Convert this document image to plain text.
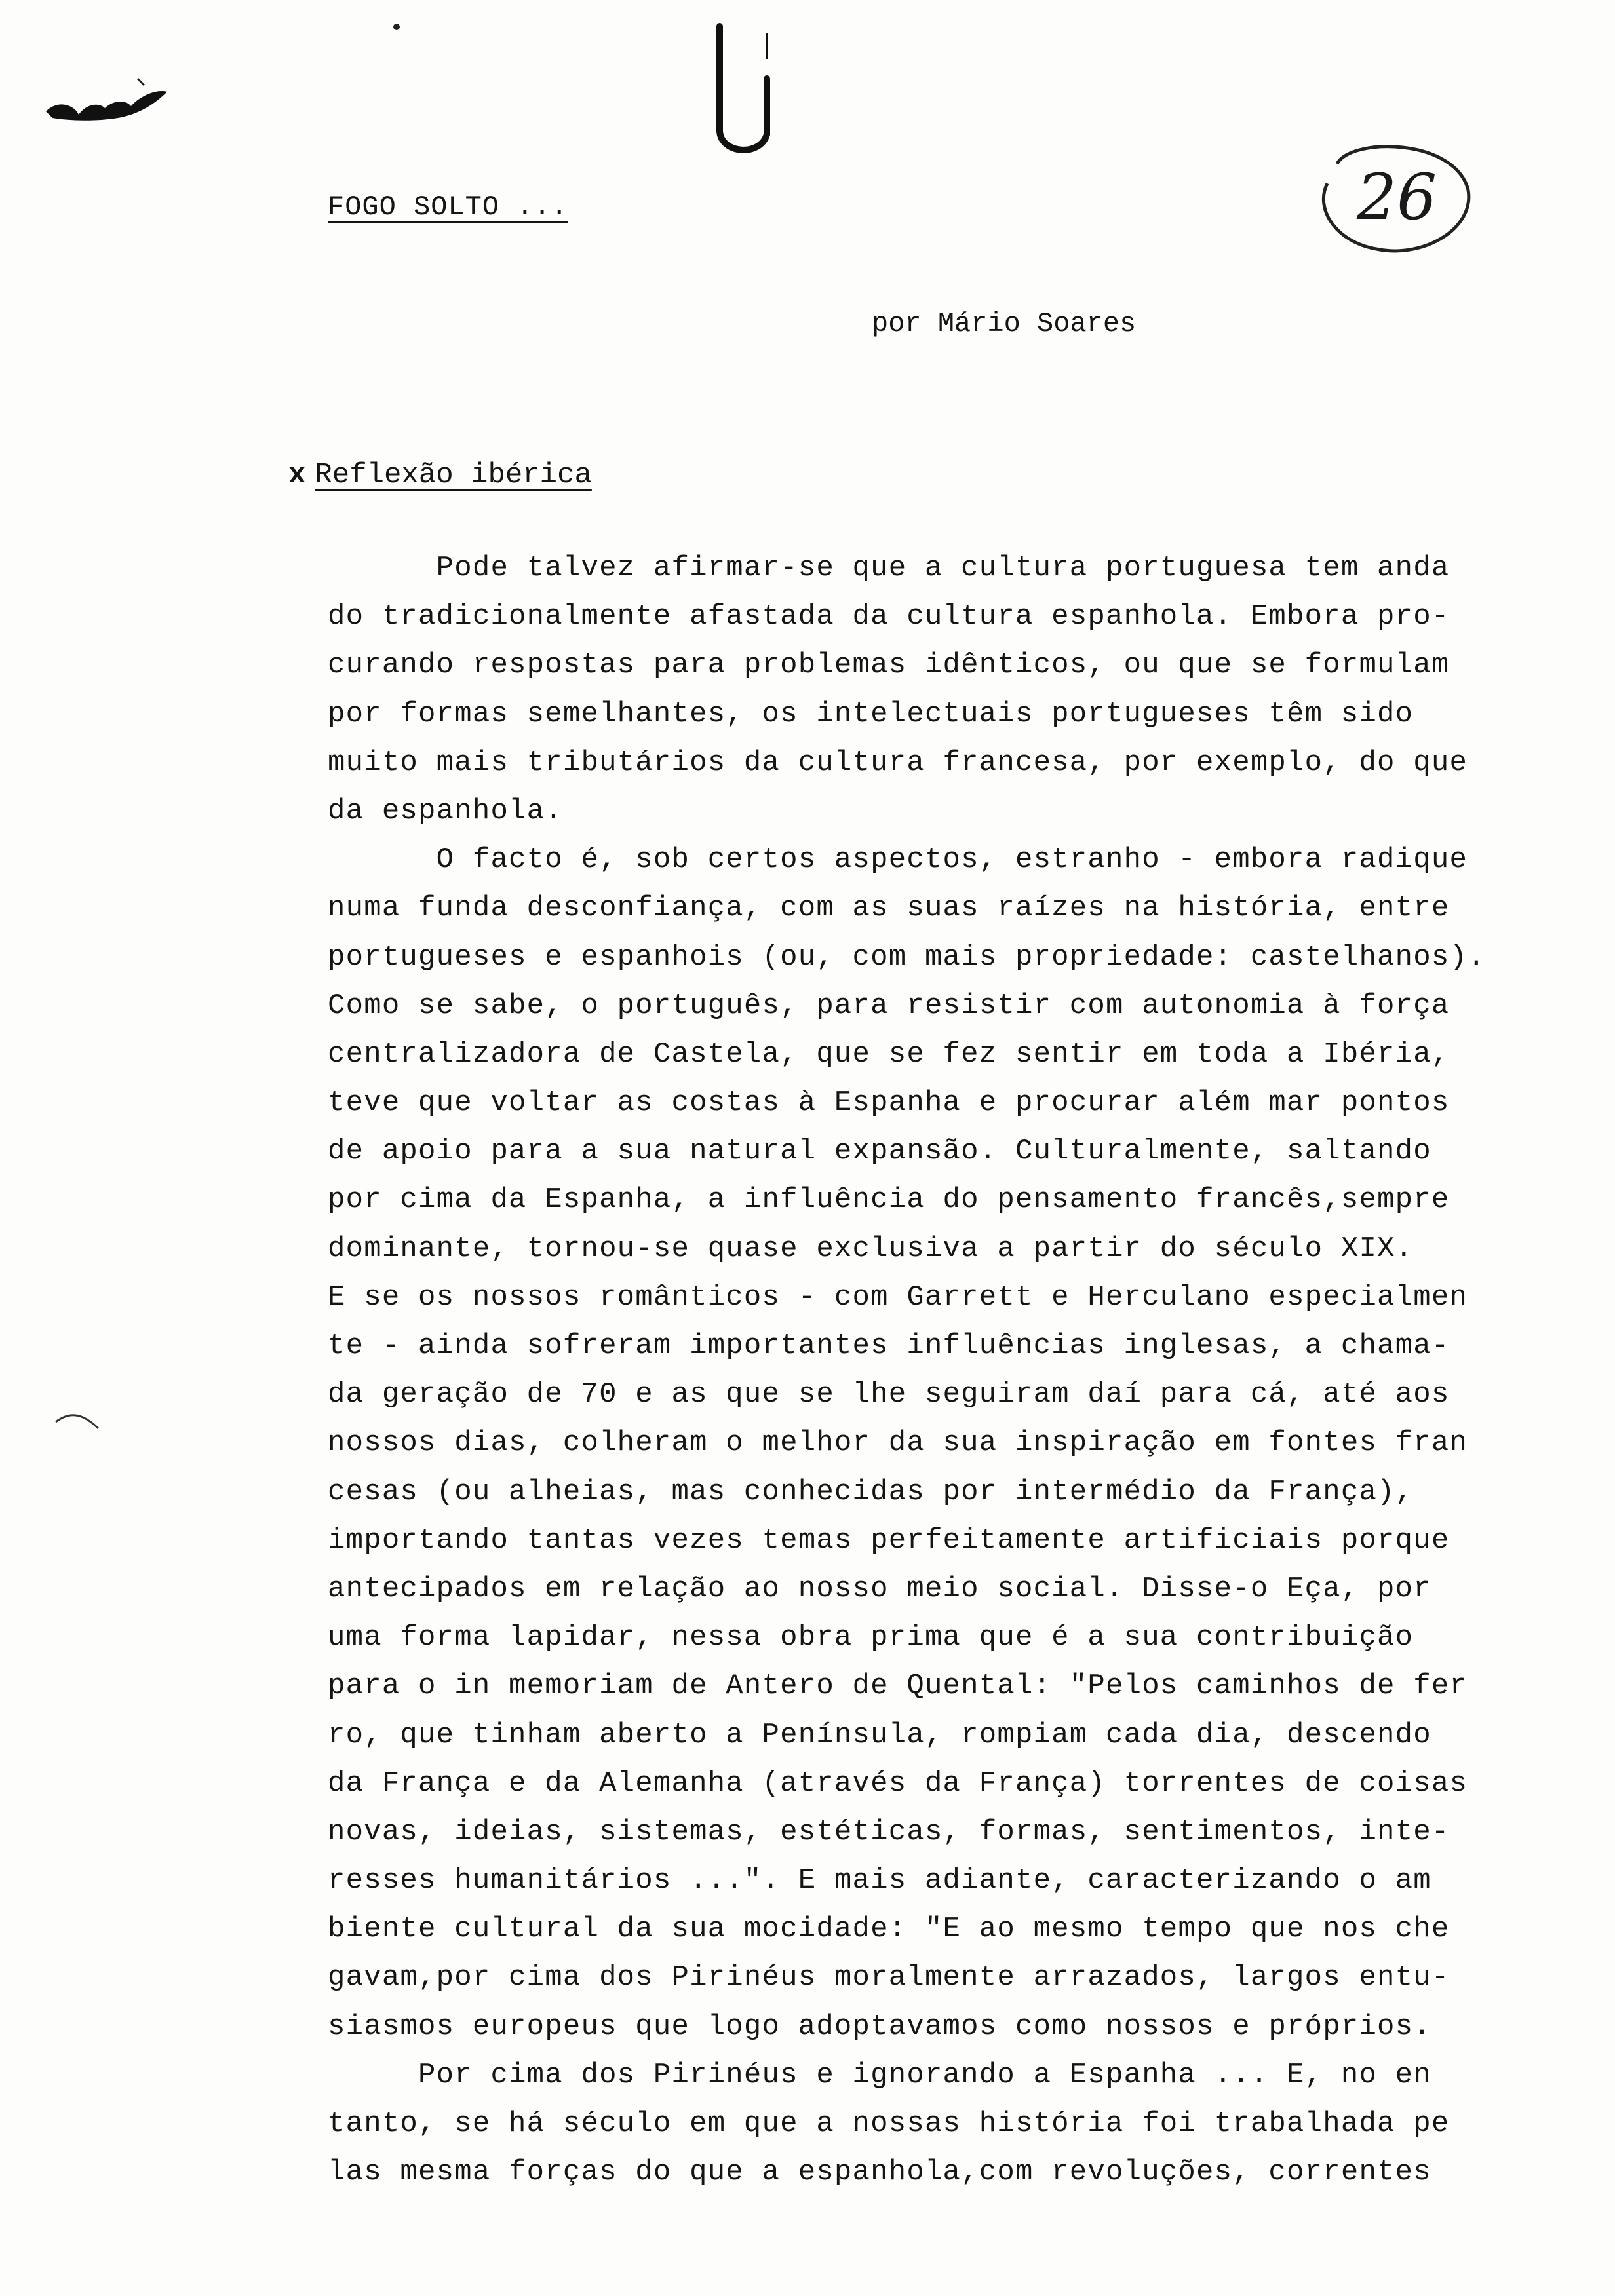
26
FOGO SOLTO ...
por Mário Soares
x Reflexão ibérica
Pode talvez afirmar-se que a cultura portuguesa tem anda
do tradicionalmente afastada da cultura espanhola. Embora pro-
curando respostas para problemas idênticos, ou que se formulam
por formas semelhantes, os intelectuais portugueses têm sido
muito mais tributários da cultura francesa, por exemplo, do que
da espanhola.
O facto é, sob certos aspectos, estranho - embora radique
numa funda desconfiança, com as suas raízes na história, entre
portugueses e espanhois (ou, com mais propriedade: castelhanos).
Como se sabe, o português, para resistir com autonomia à força
centralizadora de Castela, que se fez sentir em toda a Ibéria,
teve que voltar as costas à Espanha e procurar além mar pontos
de apoio para a sua natural expansão. Culturalmente, saltando
por cima da Espanha, a influência do pensamento francês,sempre
dominante, tornou-se quase exclusiva a partir do século XIX.
E se os nossos românticos - com Garrett e Herculano especialmen
te - ainda sofreram importantes influências inglesas, a chama-
da geração de 70 e as que se lhe seguiram daí para cá, até aos
nossos dias, colheram o melhor da sua inspiração em fontes fran
cesas (ou alheias, mas conhecidas por intermédio da França),
importando tantas vezes temas perfeitamente artificiais porque
antecipados em relação ao nosso meio social. Disse-o Eça, por
uma forma lapidar, nessa obra prima que é a sua contribuição
para o in memoriam de Antero de Quental: "Pelos caminhos de fer
ro, que tinham aberto a Península, rompiam cada dia, descendo
da França e da Alemanha (através da França) torrentes de coisas
novas, ideias, sistemas, estéticas, formas, sentimentos, inte-
resses humanitários ...". E mais adiante, caracterizando o am
biente cultural da sua mocidade: "E ao mesmo tempo que nos che
gavam,por cima dos Pirinéus moralmente arrazados, largos entu-
siasmos europeus que logo adoptavamos como nossos e próprios.
Por cima dos Pirinéus e ignorando a Espanha ... E, no en
tanto, se há século em que a nossas história foi trabalhada pe
las mesma forças do que a espanhola,com revoluções, correntes
